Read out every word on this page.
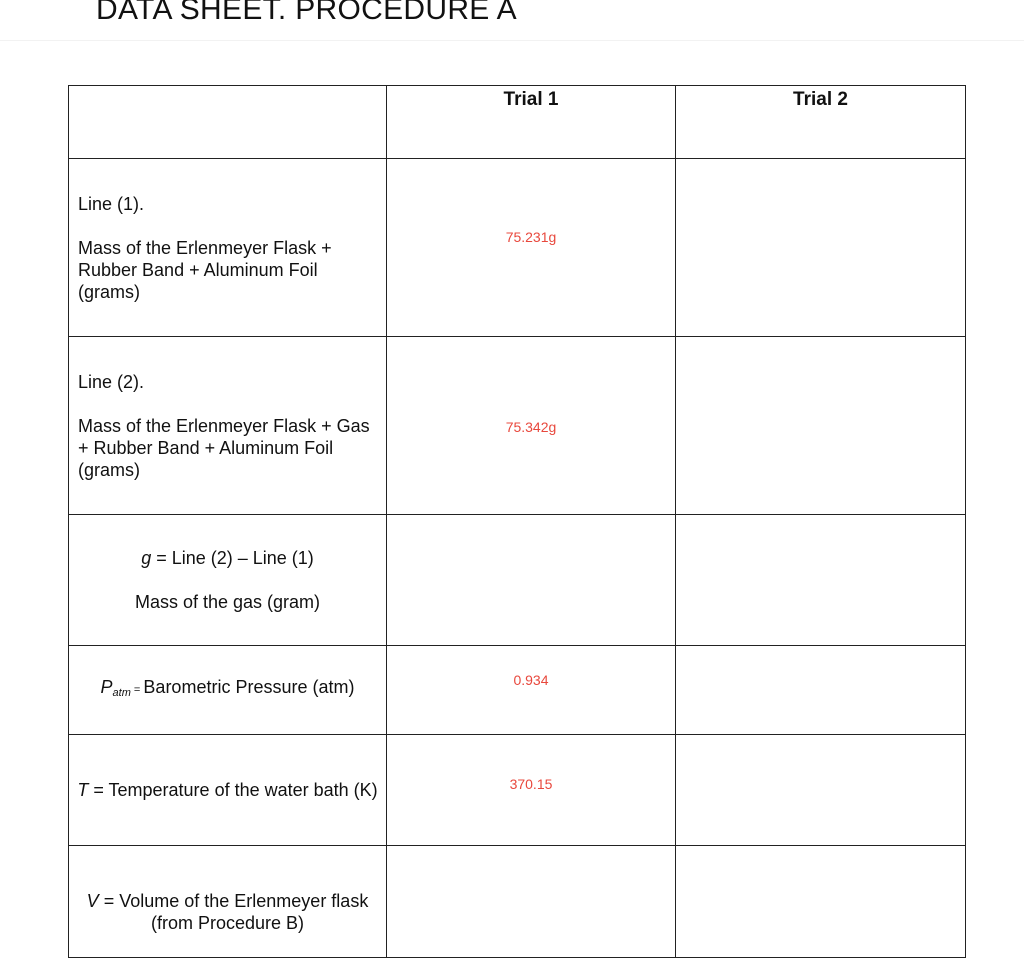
DATA SHEET. PROCEDURE A
	Trial 1	Trial 2

Line (1).

Mass of the Erlenmeyer Flask + Rubber Band + Aluminum Foil (grams)	75.231g	

Line (2).

Mass of the Erlenmeyer Flask + Gas + Rubber Band + Aluminum Foil (grams)	75.342g	

g = Line (2) – Line (1)

Mass of the gas (gram)		

$P_{atm}$ = Barometric Pressure (atm)	0.934	

T = Temperature of the water bath (K)	370.15	

V = Volume of the Erlenmeyer flask (from Procedure B)		
